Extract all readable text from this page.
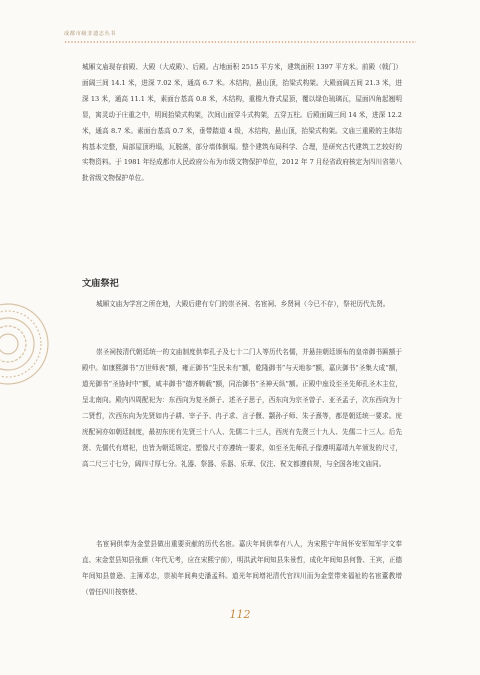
成都市级非遗志丛书

城厢文庙现存前殿、大殿（大成殿）、后殿。占地面积 2515 平方米，建筑面积 1397 平方米。前殿（戟门）面阔三间 14.1 米，进深 7.02 米，通高 6.7 米。木结构，悬山顶，抬梁式构架。大殿面阔五间 21.3 米，进深 13 米，通高 11.1 米，素面台基高 0.8 米，木结构，重檐九脊式屋顶，覆以绿色琉璃瓦，屋面四角起翘明显，寓灵动于庄重之中，明间抬梁式构架，次间山面穿斗式构架，五穿五柱。后殿面阔三间 14 米，进深 12.2 米，通高 8.7 米。素面台基高 0.7 米，垂带踏道 4 级，木结构，悬山顶，抬梁式构架。文庙三重殿的主体结构基本完整，局部屋顶坍塌，瓦脱落，部分墙体倒塌。整个建筑布局科学、合理，是研究古代建筑工艺较好的实物资料。于 1981 年经成都市人民政府公布为市级文物保护单位，2012 年 7 月经省政府核定为四川省第八批省级文物保护单位。

文庙祭祀

城厢文庙为学宫之所在地，大殿后建有专门的崇圣祠、名宦祠、乡贤祠（今已不存），祭祀历代先贤。

崇圣祠按清代朝廷统一的文庙制度供奉孔子及七十二门人等历代名儒，并悬挂朝廷颁布的皇帝御书匾额于殿中。如康熙御书“万世师表”额，雍正御书“生民未有”额，乾隆御书“与天地参”额，嘉庆御书“圣集大成”额，道光御书“圣协时中”额，咸丰御书“德齐帱载”额，同治御书“圣神天纵”额。正殿中座设至圣先师孔圣木主位，呈北南向。殿内四周配祀为：东西向为复圣颜子、述圣子思子，西东向为宗圣曾子、亚圣孟子，次东西向为十二贤哲，次西东向为先贤如冉子耕、宰子予、冉子求、言子偃、颛孙子师、朱子熹等，都是朝廷统一要求。庑庑配祠亦如朝廷制度，最初东庑有先贤三十八人、先儒二十三人，西庑有先贤三十九人、先儒二十三人。后先贤、先儒代有增祀，也皆为朝廷规定。塑像尺寸亦遵统一要求，如至圣先师孔子像遵明嘉靖九年颁发的尺寸，高二尺三寸七分，阔四寸厚七分。礼器、祭器、乐器、乐章、仪注、祝文都遵前规，与全国各地文庙同。

名宦祠供奉为金堂县做出重要贡献的历代名宦。嘉庆年间供奉有八人，为宋熙宁年间怀安军知军宇文奉直、宋金堂县知县张颜（年代无考，应在宋熙宁前），明洪武年间知县朱景哲，成化年间知县何鲁、王宾，正德年间知县曾逊、主簿邓忠，崇祯年间典史潘孟科。道光年间增祀清代官四川而为金堂带来福祉的名宦董教增（曾任四川按察使、

112
